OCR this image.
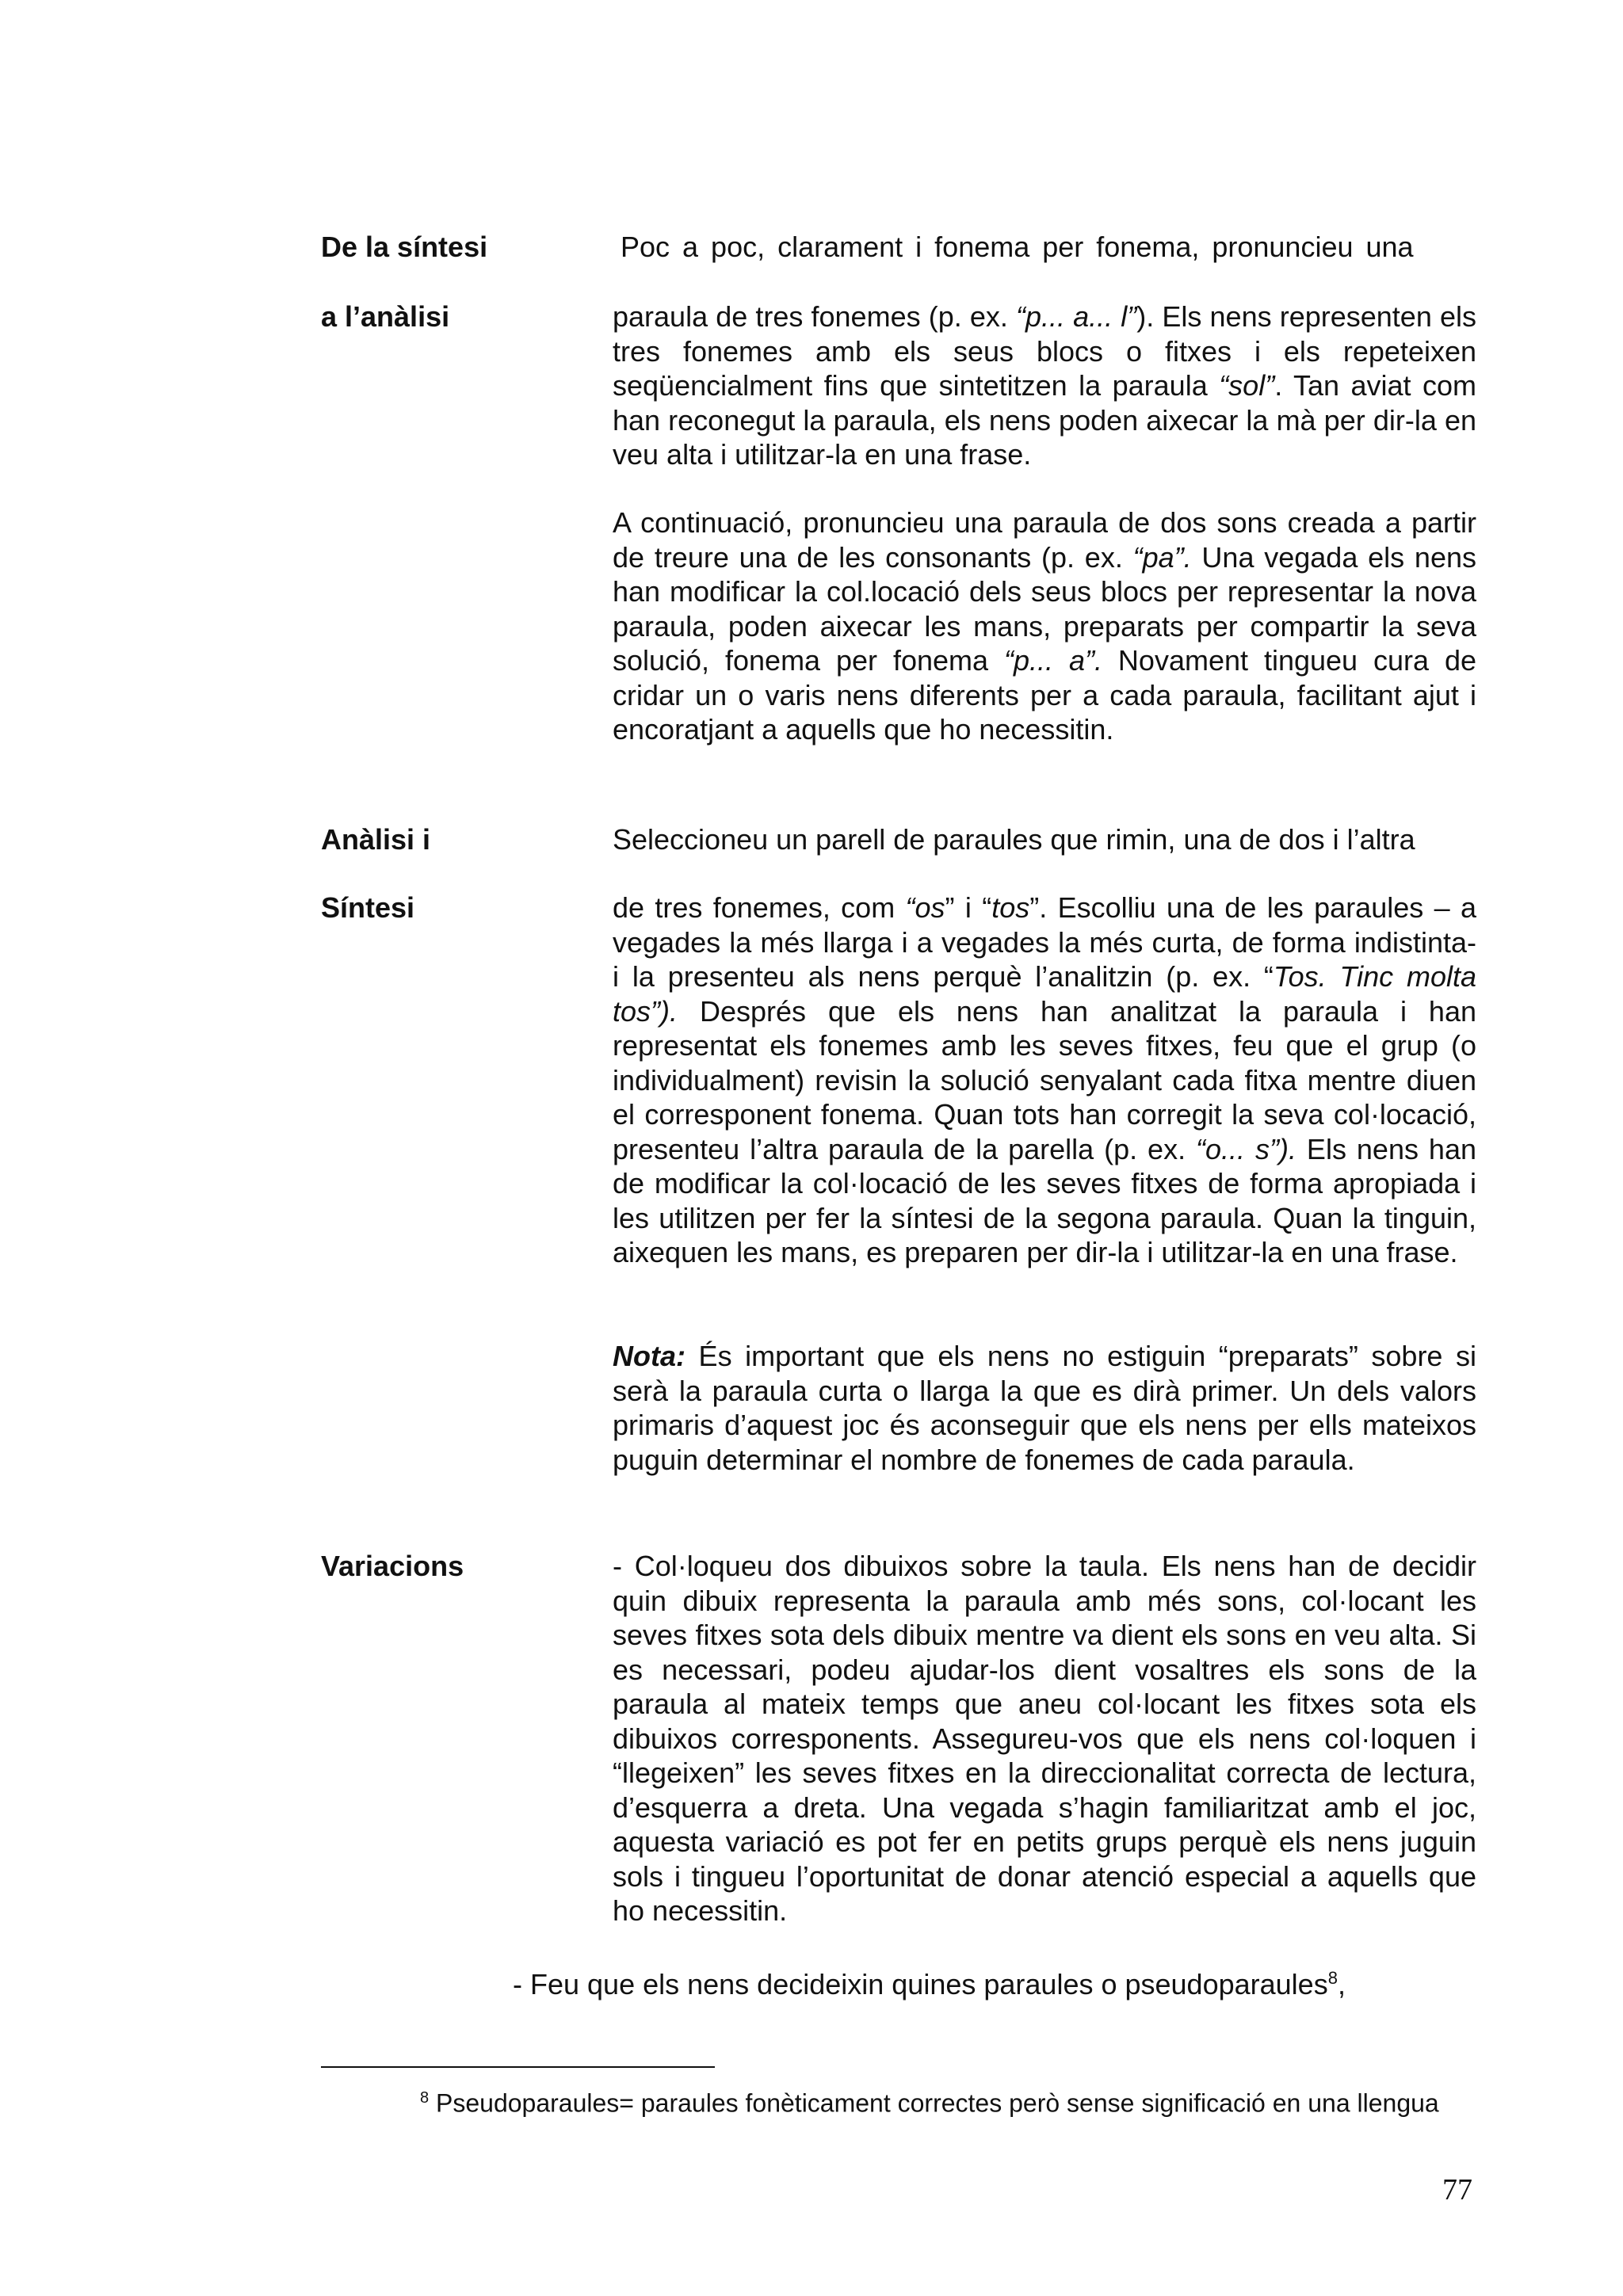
De la síntesi
a l’anàlisi
Poc a poc, clarament i fonema per fonema, pronuncieu una
paraula de tres fonemes (p. ex. “p... a... l”). Els nens representen els tres fonemes amb els seus blocs o fitxes i els repeteixen seqüencialment fins que sintetitzen la paraula “sol”. Tan aviat com han reconegut la paraula, els nens poden aixecar la mà per dir-la en veu alta i utilitzar-la en una frase.
A continuació, pronuncieu una paraula de dos sons creada a partir de treure una de les consonants (p. ex. “pa”. Una vegada els nens han modificar la col.locació dels seus blocs per representar la nova paraula, poden aixecar les mans, preparats per compartir la seva solució, fonema per fonema “p... a”. Novament tingueu cura de cridar un o varis nens diferents per a cada paraula, facilitant ajut i encoratjant a aquells que ho necessitin.
Anàlisi i
Síntesi
Seleccioneu un parell de paraules que rimin, una de dos i l’altra
de tres fonemes, com “os” i “tos”. Escolliu una de les paraules – a vegades la més llarga i a vegades la més curta, de forma indistinta- i la presenteu als nens perquè l’analitzin (p. ex. “Tos. Tinc molta tos”). Després que els nens han analitzat la paraula i han representat els fonemes amb les seves fitxes, feu que el grup (o individualment) revisin la solució senyalant cada fitxa mentre diuen el corresponent fonema. Quan tots han corregit la seva col·locació, presenteu l’altra paraula de la parella (p. ex. “o... s”). Els nens han de modificar la col·locació de les seves fitxes de forma apropiada i les utilitzen per fer la síntesi de la segona paraula. Quan la tinguin, aixequen les mans, es preparen per dir-la i utilitzar-la en una frase.
Nota: És important que els nens no estiguin “preparats” sobre si serà la paraula curta o llarga la que es dirà primer. Un dels valors primaris d’aquest joc és aconseguir que els nens per ells mateixos puguin determinar el nombre de fonemes de cada paraula.
Variacions	- Col·loqueu dos dibuixos sobre la taula. Els nens han de decidir quin dibuix representa la paraula amb més sons, col·locant les seves fitxes sota dels dibuix mentre va dient els sons en veu alta. Si es necessari, podeu ajudar-los dient vosaltres els sons de la paraula al mateix temps que aneu col·locant les fitxes sota els dibuixos corresponents. Assegureu-vos que els nens col·loquen i “llegeixen” les seves fitxes en la direccionalitat correcta de lectura, d’esquerra a dreta. Una vegada s’hagin familiaritzat amb el joc, aquesta variació es pot fer en petits grups perquè els nens juguin sols i tingueu l’oportunitat de donar atenció especial a aquells que ho necessitin.
- Feu que els nens decideixin quines paraules o pseudoparaules$^8$,
$^8$ Pseudoparaules= paraules fonèticament correctes però sense significació en una llengua
77
